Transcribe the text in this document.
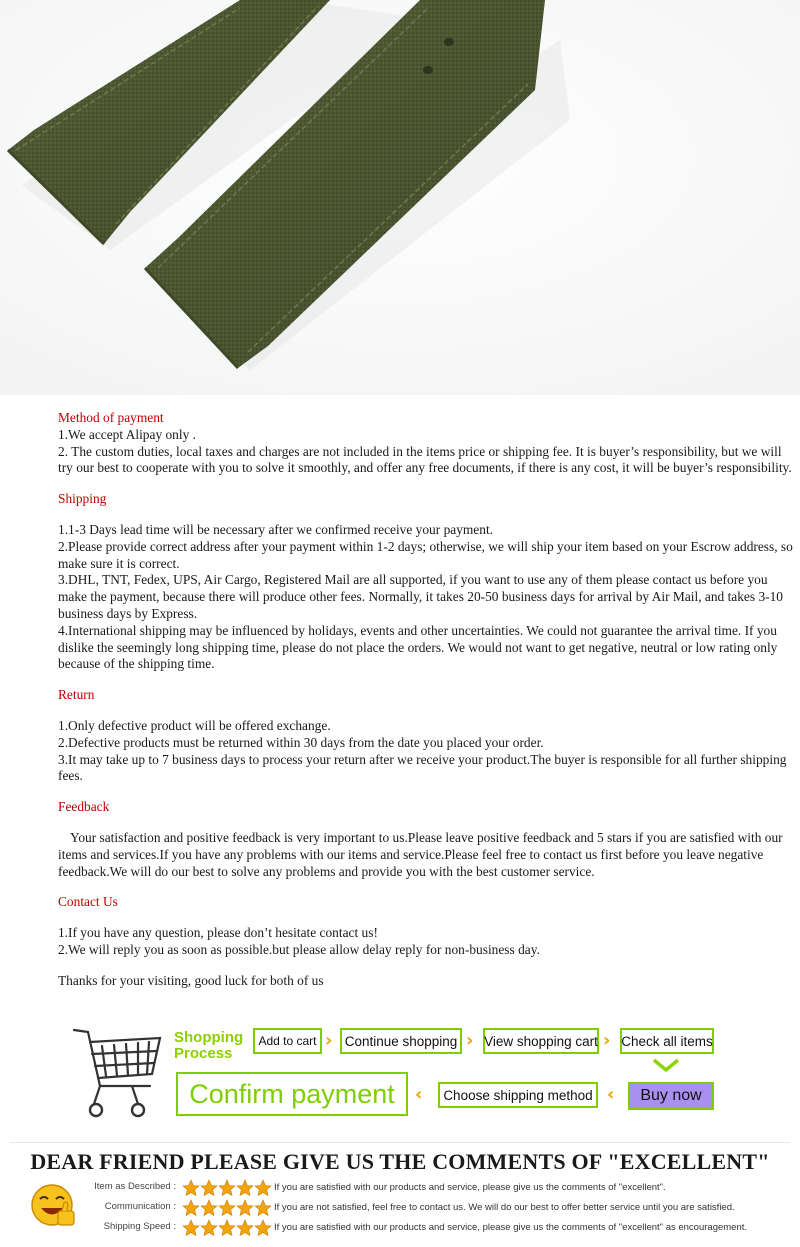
Method of payment

1.We accept Alipay only .

2. The custom duties, local taxes and charges are not included in the items price or shipping fee. It is buyer’s responsibility, but we will try our best to cooperate with you to solve it smoothly, and offer any free documents, if there is any cost, it will be buyer’s responsibility.

Shipping

1.1-3 Days lead time will be necessary after we confirmed receive your payment.

2.Please provide correct address after your payment within 1-2 days; otherwise, we will ship your item based on your Escrow address, so make sure it is correct.

3.DHL, TNT, Fedex, UPS, Air Cargo, Registered Mail are all supported, if you want to use any of them please contact us before you make the payment, because there will produce other fees. Normally, it takes 20-50 business days for arrival by Air Mail, and takes 3-10 business days by Express.

4.International shipping may be influenced by holidays, events and other uncertainties. We could not guarantee the arrival time. If you dislike the seemingly long shipping time, please do not place the orders. We would not want to get negative, neutral or low rating only because of the shipping time.

Return

1.Only defective product will be offered exchange.

2.Defective products must be returned within 30 days from the date you placed your order.

3.It may take up to 7 business days to process your return after we receive your product.The buyer is responsible for all further shipping fees.

Feedback

Your satisfaction and positive feedback is very important to us.Please leave positive feedback and 5 stars if you are satisfied with our items and services.If you have any problems with our items and service.Please feel free to contact us first before you leave negative feedback.We will do our best to solve any problems and provide you with the best customer service.

Contact Us

1.If you have any question, please don’t hesitate contact us!

2.We will reply you as soon as possible.but please allow delay reply for non-business day.

Thanks for your visiting, good luck for both of us

Shopping
Process
Add to cart › Continue shopping › View shopping cart › Check all items
Confirm payment	‹	Choose shipping method ‹	Buy now
DEAR FRIEND PLEASE GIVE US THE COMMENTS OF "EXCELLENT"
Item as Described :	If you are satisfied with our products and service, please give us the comments of "excellent".
Communication :	If you are not satisfied, feel free to contact us. We will do our best to offer better service until you are satisfied.
Shipping Speed :	If you are satisfied with our products and service, please give us the comments of "excellent" as encouragement.
